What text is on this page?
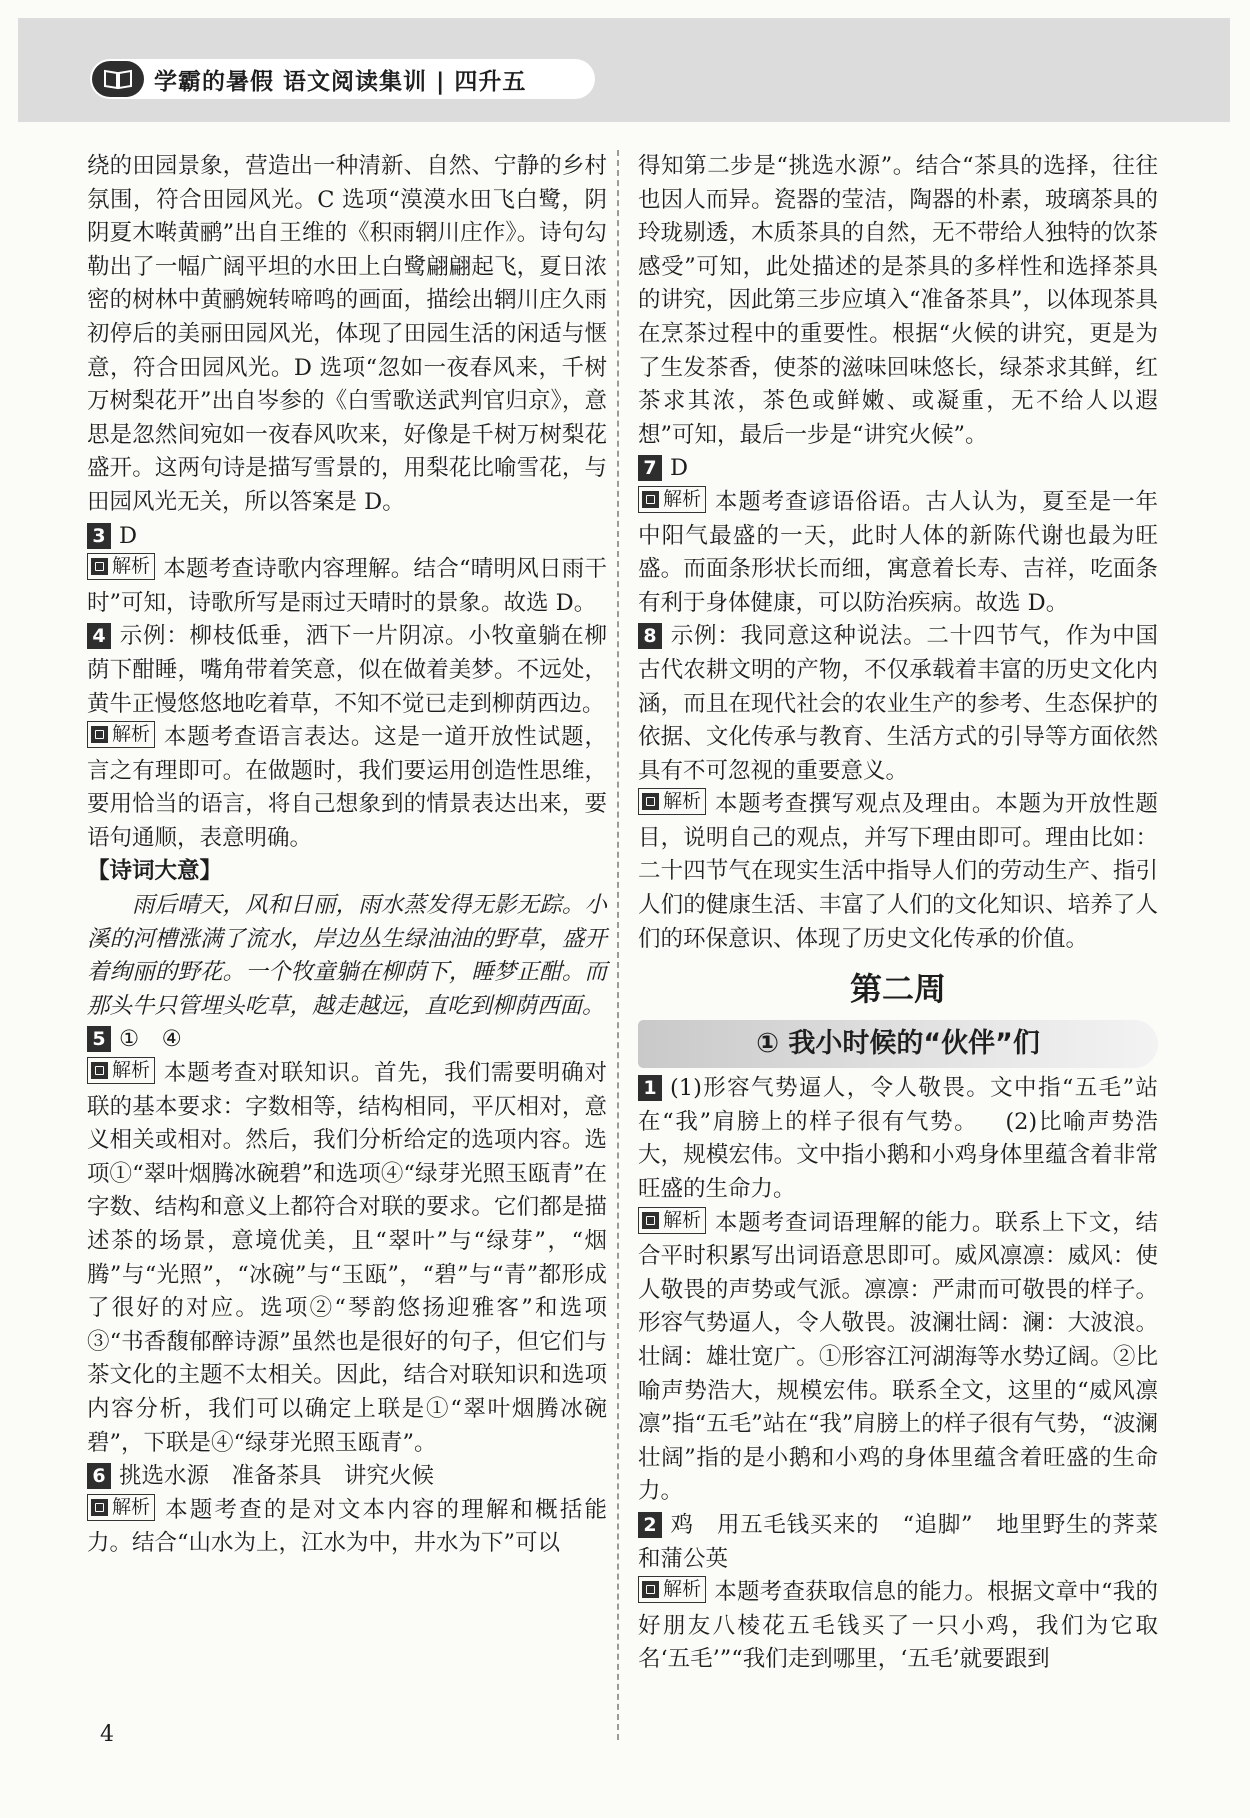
学霸的暑假 语文阅读集训 | 四升五

绕的田园景象，营造出一种清新、自然、宁静的乡村氛围，符合田园风光。C 选项“漠漠水田飞白鹭，阴阴夏木啭黄鹂”出自王维的《积雨辋川庄作》。诗句勾勒出了一幅广阔平坦的水田上白鹭翩翩起飞，夏日浓密的树林中黄鹂婉转啼鸣的画面，描绘出辋川庄久雨初停后的美丽田园风光，体现了田园生活的闲适与惬意，符合田园风光。D 选项“忽如一夜春风来，千树万树梨花开”出自岑参的《白雪歌送武判官归京》，意思是忽然间宛如一夜春风吹来，好像是千树万树梨花盛开。这两句诗是描写雪景的，用梨花比喻雪花，与田园风光无关，所以答案是 D。

3 D

解析 本题考查诗歌内容理解。结合“晴明风日雨干时”可知，诗歌所写是雨过天晴时的景象。故选 D。

4 示例：柳枝低垂，洒下一片阴凉。小牧童躺在柳荫下酣睡，嘴角带着笑意，似在做着美梦。不远处，黄牛正慢悠悠地吃着草，不知不觉已走到柳荫西边。

解析 本题考查语言表达。这是一道开放性试题，言之有理即可。在做题时，我们要运用创造性思维，要用恰当的语言，将自己想象到的情景表达出来，要语句通顺，表意明确。

【诗词大意】

雨后晴天，风和日丽，雨水蒸发得无影无踪。小溪的河槽涨满了流水，岸边丛生绿油油的野草，盛开着绚丽的野花。一个牧童躺在柳荫下，睡梦正酣。而那头牛只管埋头吃草，越走越远，直吃到柳荫西面。

5 ①　④

解析 本题考查对联知识。首先，我们需要明确对联的基本要求：字数相等，结构相同，平仄相对，意义相关或相对。然后，我们分析给定的选项内容。选项①“翠叶烟腾冰碗碧”和选项④“绿芽光照玉瓯青”在字数、结构和意义上都符合对联的要求。它们都是描述茶的场景，意境优美，且“翠叶”与“绿芽”，“烟腾”与“光照”，“冰碗”与“玉瓯”，“碧”与“青”都形成了很好的对应。选项②“琴韵悠扬迎雅客”和选项③“书香馥郁醉诗源”虽然也是很好的句子，但它们与茶文化的主题不太相关。因此，结合对联知识和选项内容分析，我们可以确定上联是①“翠叶烟腾冰碗碧”，下联是④“绿芽光照玉瓯青”。

6 挑选水源　准备茶具　讲究火候

解析 本题考查的是对文本内容的理解和概括能力。结合“山水为上，江水为中，井水为下”可以

得知第二步是“挑选水源”。结合“茶具的选择，往往也因人而异。瓷器的莹洁，陶器的朴素，玻璃茶具的玲珑剔透，木质茶具的自然，无不带给人独特的饮茶感受”可知，此处描述的是茶具的多样性和选择茶具的讲究，因此第三步应填入“准备茶具”，以体现茶具在烹茶过程中的重要性。根据“火候的讲究，更是为了生发茶香，使茶的滋味回味悠长，绿茶求其鲜，红茶求其浓，茶色或鲜嫩、或凝重，无不给人以遐想”可知，最后一步是“讲究火候”。

7 D

解析 本题考查谚语俗语。古人认为，夏至是一年中阳气最盛的一天，此时人体的新陈代谢也最为旺盛。而面条形状长而细，寓意着长寿、吉祥，吃面条有利于身体健康，可以防治疾病。故选 D。

8 示例：我同意这种说法。二十四节气，作为中国古代农耕文明的产物，不仅承载着丰富的历史文化内涵，而且在现代社会的农业生产的参考、生态保护的依据、文化传承与教育、生活方式的引导等方面依然具有不可忽视的重要意义。

解析 本题考查撰写观点及理由。本题为开放性题目，说明自己的观点，并写下理由即可。理由比如：二十四节气在现实生活中指导人们的劳动生产、指引人们的健康生活、丰富了人们的文化知识、培养了人们的环保意识、体现了历史文化传承的价值。

第二周
① 我小时候的“伙伴”们

1 (1)形容气势逼人，令人敬畏。文中指“五毛”站在“我”肩膀上的样子很有气势。 (2)比喻声势浩大，规模宏伟。文中指小鹅和小鸡身体里蕴含着非常旺盛的生命力。

解析 本题考查词语理解的能力。联系上下文，结合平时积累写出词语意思即可。威风凛凛：威风：使人敬畏的声势或气派。凛凛：严肃而可敬畏的样子。形容气势逼人，令人敬畏。波澜壮阔：澜：大波浪。壮阔：雄壮宽广。①形容江河湖海等水势辽阔。②比喻声势浩大，规模宏伟。联系全文，这里的“威风凛凛”指“五毛”站在“我”肩膀上的样子很有气势，“波澜壮阔”指的是小鹅和小鸡的身体里蕴含着旺盛的生命力。

2 鸡　用五毛钱买来的　“追脚”　地里野生的荠菜和蒲公英

解析 本题考查获取信息的能力。根据文章中“我的好朋友八棱花五毛钱买了一只小鸡，我们为它取名‘五毛’”“我们走到哪里，‘五毛’就要跟到

4
